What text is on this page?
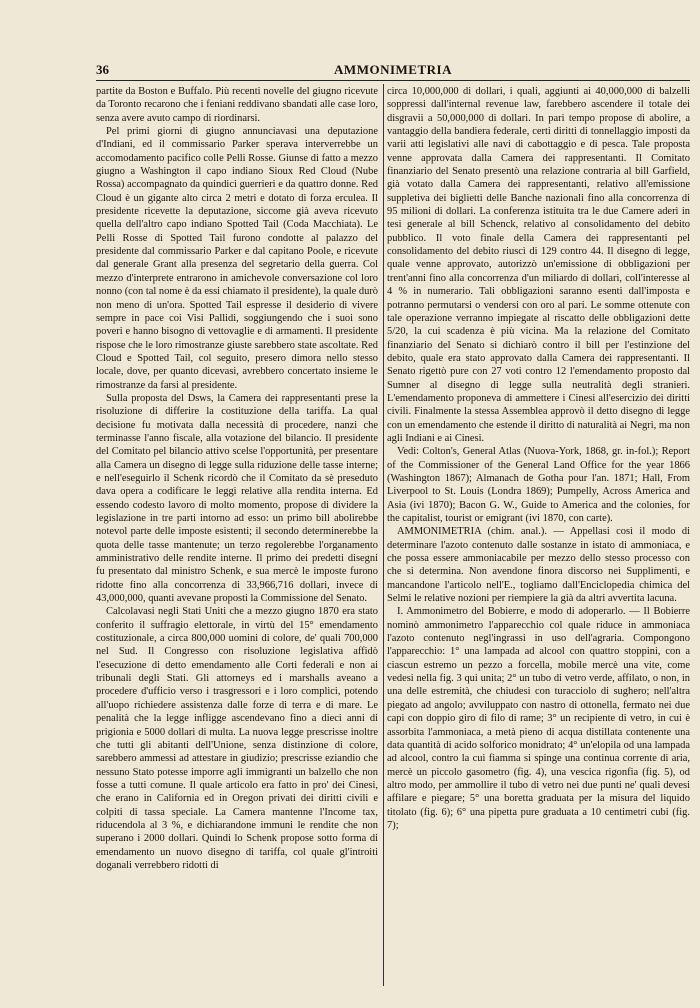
36	AMMONIMETRIA

partite da Boston e Buffalo. Più recenti novelle del giugno ricevute da Toronto recarono che i feniani reddivano sbandati alle case loro, senza avere avuto campo di riordinarsi.

Pel primi giorni di giugno annunciavasi una deputazione d'Indiani, ed il commissario Parker sperava interverrebbe un accomodamento pacifico colle Pelli Rosse. Giunse di fatto a mezzo giugno a Washington il capo indiano Sioux Red Cloud (Nube Rossa) accompagnato da quindici guerrieri e da quattro donne. Red Cloud è un gigante alto circa 2 metri e dotato di forza erculea. Il presidente ricevette la deputazione, siccome già aveva ricevuto quella dell'altro capo indiano Spotted Tail (Coda Macchiata). Le Pelli Rosse di Spotted Tail furono condotte al palazzo del presidente dal commissario Parker e dal capitano Poole, e ricevute dal generale Grant alla presenza del segretario della guerra. Col mezzo d'interprete entrarono in amichevole conversazione col loro nonno (con tal nome è da essi chiamato il presidente), la quale durò non meno di un'ora. Spotted Tail espresse il desiderio di vivere sempre in pace coi Visi Pallidi, soggiungendo che i suoi sono poveri e hanno bisogno di vettovaglie e di armamenti. Il presidente rispose che le loro rimostranze giuste sarebbero state ascoltate. Red Cloud e Spotted Tail, col seguito, presero dimora nello stesso locale, dove, per quanto dicevasi, avrebbero concertato insieme le rimostranze da farsi al presidente.

Sulla proposta del Dsws, la Camera dei rappresentanti prese la risoluzione di differire la costituzione della tariffa. La qual decisione fu motivata dalla necessità di procedere, nanzi che terminasse l'anno fiscale, alla votazione del bilancio. Il presidente del Comitato pel bilancio attivo scelse l'opportunità, per presentare alla Camera un disegno di legge sulla riduzione delle tasse interne; e nell'eseguirlo il Schenk ricordò che il Comitato da sè preseduto dava opera a codificare le leggi relative alla rendita interna. Ed essendo codesto lavoro di molto momento, propose di dividere la legislazione in tre parti intorno ad esso: un primo bill abolirebbe notevol parte delle imposte esistenti; il secondo determinerebbe la quota delle tasse mantenute; un terzo regolerebbe l'organamento amministrativo delle rendite interne. Il primo dei predetti disegni fu presentato dal ministro Schenk, e sua mercè le imposte furono ridotte fino alla concorrenza di 33,966,716 dollari, invece di 43,000,000, quanti avevane proposti la Commissione del Senato.

Calcolavasi negli Stati Uniti che a mezzo giugno 1870 era stato conferito il suffragio elettorale, in virtù del 15° emendamento costituzionale, a circa 800,000 uomini di colore, de' quali 700,000 nel Sud. Il Congresso con risoluzione legislativa affidò l'esecuzione di detto emendamento alle Corti federali e non ai tribunali degli Stati. Gli attorneys ed i marshalls aveano a procedere d'ufficio verso i trasgressori e i loro complici, potendo all'uopo richiedere assistenza dalle forze di terra e di mare. Le penalità che la legge infligge ascendevano fino a dieci anni di prigionia e 5000 dollari di multa. La nuova legge prescrisse inoltre che tutti gli abitanti dell'Unione, senza distinzione di colore, sarebbero ammessi ad attestare in giudizio; prescrisse eziandio che nessuno Stato potesse imporre agli immigranti un balzello che non fosse a tutti comune. Il quale articolo era fatto in pro' dei Cinesi, che erano in California ed in Oregon privati dei diritti civili e colpiti di tassa speciale. La Camera mantenne l'Income tax, riducendola al 3 %, e dichiarandone immuni le rendite che non superano i 2000 dollari. Quindi lo Schenk propose sotto forma di emendamento un nuovo disegno di tariffa, col quale gl'introiti doganali verrebbero ridotti di

circa 10,000,000 di dollari, i quali, aggiunti ai 40,000,000 di balzelli soppressi dall'internal revenue law, farebbero ascendere il totale dei disgravii a 50,000,000 di dollari. In pari tempo propose di abolire, a vantaggio della bandiera federale, certi diritti di tonnellaggio imposti da varii atti legislativi alle navi di cabottaggio e di pesca. Tale proposta venne approvata dalla Camera dei rappresentanti. Il Comitato finanziario del Senato presentò una relazione contraria al bill Garfield, già votato dalla Camera dei rappresentanti, relativo all'emissione suppletiva dei biglietti delle Banche nazionali fino alla concorrenza di 95 milioni di dollari. La conferenza istituita tra le due Camere aderì in tesi generale al bill Schenck, relativo al consolidamento del debito pubblico. Il voto finale della Camera dei rappresentanti pel consolidamento del debito riuscì di 129 contro 44. Il disegno di legge, quale venne approvato, autorizzò un'emissione di obbligazioni per trent'anni fino alla concorrenza d'un miliardo di dollari, coll'interesse al 4 % in numerario. Tali obbligazioni saranno esenti dall'imposta e potranno permutarsi o vendersi con oro al pari. Le somme ottenute con tale operazione verranno impiegate al riscatto delle obbligazioni dette 5/20, la cui scadenza è più vicina. Ma la relazione del Comitato finanziario del Senato si dichiarò contro il bill per l'estinzione del debito, quale era stato approvato dalla Camera dei rappresentanti. Il Senato rigettò pure con 27 voti contro 12 l'emendamento proposto dal Sumner al disegno di legge sulla neutralità degli stranieri. L'emendamento proponeva di ammettere i Cinesi all'esercizio dei diritti civili. Finalmente la stessa Assemblea approvò il detto disegno di legge con un emendamento che estende il diritto di naturalità ai Negri, ma non agli Indiani e ai Cinesi.

Vedi: Colton's, General Atlas (Nuova-York, 1868, gr. in-fol.); Report of the Commissioner of the General Land Office for the year 1866 (Washington 1867); Almanach de Gotha pour l'an. 1871; Hall, From Liverpool to St. Louis (Londra 1869); Pumpelly, Across America and Asia (ivi 1870); Bacon G. W., Guide to America and the colonies, for the capitalist, tourist or emigrant (ivi 1870, con carte).

AMMONIMETRIA (chim. anal.). — Appellasi così il modo di determinare l'azoto contenuto dalle sostanze in istato di ammoniaca, e che possa essere ammoniacabile per mezzo dello stesso processo con che si determina. Non avendone finora discorso nei Supplimenti, e mancandone l'articolo nell'E., togliamo dall'Enciclopedia chimica del Selmi le relative nozioni per riempiere la già da altri avvertita lacuna.

I. Ammonimetro del Bobierre, e modo di adoperarlo. — Il Bobierre nominò ammonimetro l'apparecchio col quale riduce in ammoniaca l'azoto contenuto negl'ingrassi in uso dell'agraria. Compongono l'apparecchio: 1° una lampada ad alcool con quattro stoppini, con a ciascun estremo un pezzo a forcella, mobile mercè una vite, come vedesi nella fig. 3 qui unita; 2° un tubo di vetro verde, affilato, o non, in una delle estremità, che chiudesi con turacciolo di sughero; nell'altra piegato ad angolo; avviluppato con nastro di ottonella, fermato nei due capi con doppio giro di filo di rame; 3° un recipiente di vetro, in cui è assorbita l'ammoniaca, a metà pieno di acqua distillata contenente una data quantità di acido solforico monidrato; 4° un'elopila od una lampada ad alcool, contro la cui fiamma si spinge una continua corrente di aria, mercè un piccolo gasometro (fig. 4), una vescica rigonfia (fig. 5), od altro modo, per ammollire il tubo di vetro nei due punti ne' quali devesi affilare e piegare; 5° una boretta graduata per la misura del liquido titolato (fig. 6); 6° una pipetta pure graduata a 10 centimetri cubi (fig. 7);
